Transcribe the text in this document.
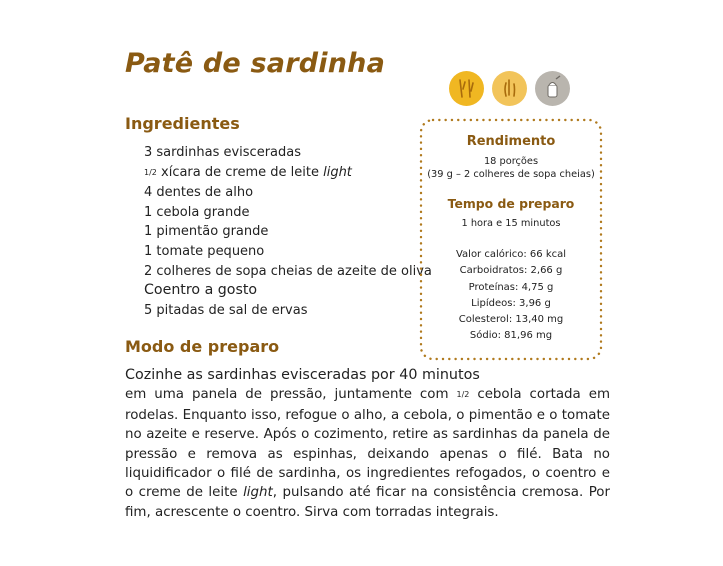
Patê de sardinha
Ingredientes
3 sardinhas evisceradas
1/2 xícara de creme de leite light
4 dentes de alho
1 cebola grande
1 pimentão grande
1 tomate pequeno
2 colheres de sopa cheias de azeite de oliva
Coentro a gosto
5 pitadas de sal de ervas
Modo de preparo
Rendimento
18 porções
(39 g – 2 colheres de sopa cheias)
Tempo de preparo
1 hora e 15 minutos
Valor calórico: 66 kcal
Carboidratos: 2,66 g
Proteínas: 4,75 g
Lipídeos: 3,96 g
Colesterol: 13,40 mg
Sódio: 81,96 mg

Cozinhe as sardinhas evisceradas por 40 minutos

em uma panela de pressão, juntamente com 1/2 cebola cortada em rodelas. Enquanto isso, refogue o alho, a cebola, o pimentão e o tomate no azeite e reserve. Após o cozimento, retire as sardinhas da panela de pressão e remova as espinhas, deixando apenas o filé. Bata no liquidificador o filé de sardinha, os ingredientes refogados, o coentro e o creme de leite light, pulsando até ficar na consistência cremosa. Por fim, acrescente o coentro. Sirva com torradas integrais.
